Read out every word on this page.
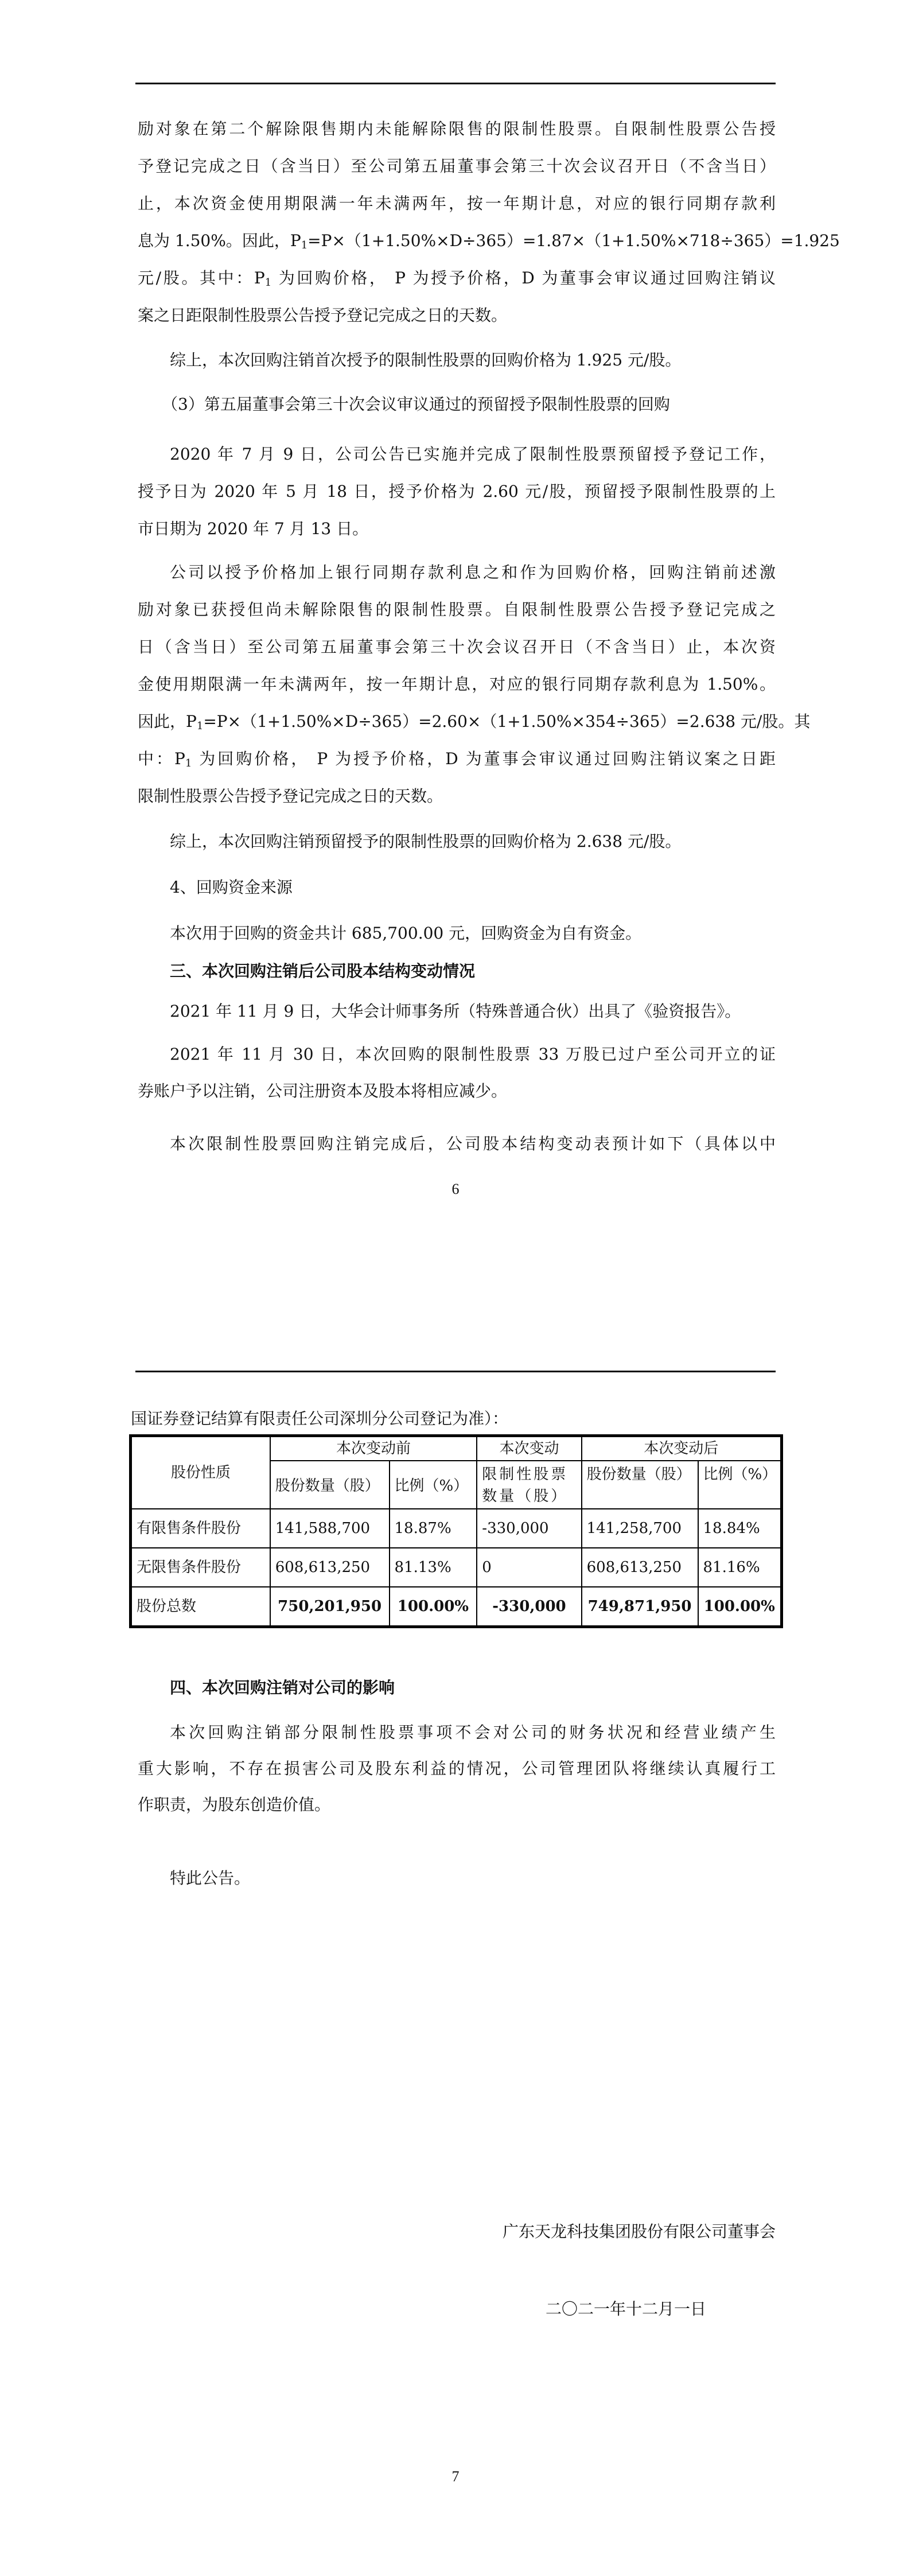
励对象在第二个解除限售期内未能解除限售的限制性股票。自限制性股票公告授
予登记完成之日（含当日）至公司第五届董事会第三十次会议召开日（不含当日）
止，本次资金使用期限满一年未满两年，按一年期计息，对应的银行同期存款利
息为 1.50%。因此，$P_1=P\times(1+1.50\%\times D\div 365)=1.87\times(1+1.50\%\times 718\div 365)=1.925$
元/股。其中：$P_1$ 为回购价格， P 为授予价格，D 为董事会审议通过回购注销议
案之日距限制性股票公告授予登记完成之日的天数。
综上，本次回购注销首次授予的限制性股票的回购价格为 1.925 元/股。
（3）第五届董事会第三十次会议审议通过的预留授予限制性股票的回购
2020 年 7 月 9 日，公司公告已实施并完成了限制性股票预留授予登记工作，
授予日为 2020 年 5 月 18 日，授予价格为 2.60 元/股，预留授予限制性股票的上
市日期为 2020 年 7 月 13 日。
公司以授予价格加上银行同期存款利息之和作为回购价格，回购注销前述激
励对象已获授但尚未解除限售的限制性股票。自限制性股票公告授予登记完成之
日（含当日）至公司第五届董事会第三十次会议召开日（不含当日）止，本次资
金使用期限满一年未满两年，按一年期计息，对应的银行同期存款利息为 1.50%。
因此，$P_1=P\times(1+1.50\%\times D\div 365)=2.60\times(1+1.50\%\times 354\div 365)=2.638$ 元/股。其
中：$P_1$ 为回购价格， P 为授予价格，D 为董事会审议通过回购注销议案之日距
限制性股票公告授予登记完成之日的天数。
综上，本次回购注销预留授予的限制性股票的回购价格为 2.638 元/股。
4、回购资金来源
本次用于回购的资金共计 685,700.00 元，回购资金为自有资金。
三、本次回购注销后公司股本结构变动情况
2021 年 11 月 9 日，大华会计师事务所（特殊普通合伙）出具了《验资报告》。
2021 年 11 月 30 日，本次回购的限制性股票 33 万股已过户至公司开立的证
券账户予以注销，公司注册资本及股本将相应减少。
本次限制性股票回购注销完成后，公司股本结构变动表预计如下（具体以中
6
国证券登记结算有限责任公司深圳分公司登记为准）：
股份性质	本次变动前		本次变动	本次变动后	
	股份数量（股）	比例（%）	限制性股票数量（股）	股份数量（股）	比例（%）
有限售条件股份	141,588,700	18.87%	-330,000	141,258,700	18.84%
无限售条件股份	608,613,250	81.13%	0	608,613,250	81.16%
股份总数	750,201,950	100.00%	-330,000	749,871,950	100.00%
四、本次回购注销对公司的影响
本次回购注销部分限制性股票事项不会对公司的财务状况和经营业绩产生
重大影响，不存在损害公司及股东利益的情况，公司管理团队将继续认真履行工
作职责，为股东创造价值。
特此公告。
广东天龙科技集团股份有限公司董事会
二〇二一年十二月一日
7
